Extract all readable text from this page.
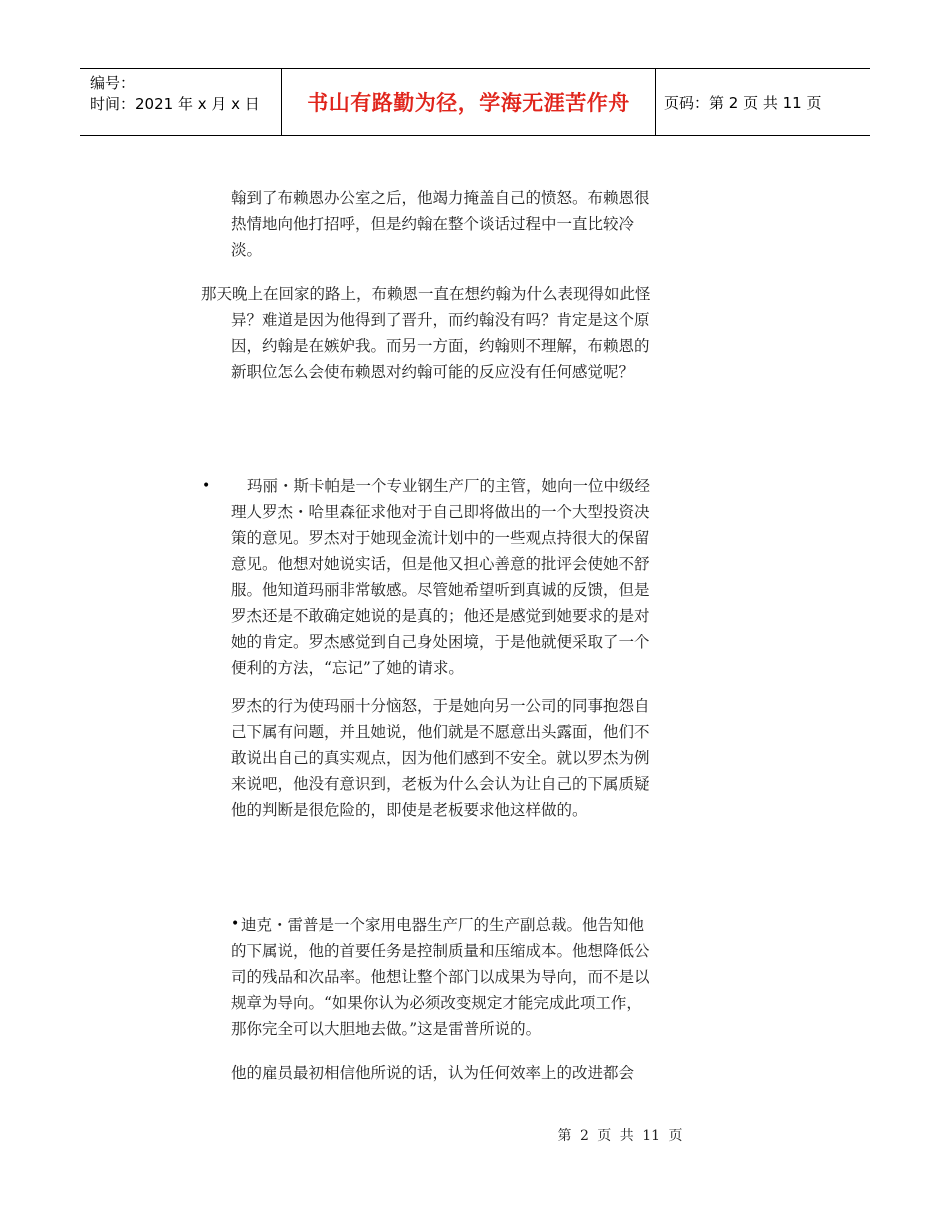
编号：
时间：2021 年 x 月 x 日	书山有路勤为径，学海无涯苦作舟	页码：第 2 页 共 11 页
翰到了布赖恩办公室之后，他竭力掩盖自己的愤怒。布赖恩很热情地向他打招呼，但是约翰在整个谈话过程中一直比较冷淡。
那天晚上在回家的路上，布赖恩一直在想约翰为什么表现得如此怪异？难道是因为他得到了晋升，而约翰没有吗？肯定是这个原因，约翰是在嫉妒我。而另一方面，约翰则不理解，布赖恩的新职位怎么会使布赖恩对约翰可能的反应没有任何感觉呢？
•	玛丽・斯卡帕是一个专业钢生产厂的主管，她向一位中级经理人罗杰・哈里森征求他对于自己即将做出的一个大型投资决策的意见。罗杰对于她现金流计划中的一些观点持很大的保留意见。他想对她说实话，但是他又担心善意的批评会使她不舒服。他知道玛丽非常敏感。尽管她希望听到真诚的反馈，但是罗杰还是不敢确定她说的是真的；他还是感觉到她要求的是对她的肯定。罗杰感觉到自己身处困境，于是他就便采取了一个便利的方法，“忘记”了她的请求。
罗杰的行为使玛丽十分恼怒，于是她向另一公司的同事抱怨自己下属有问题，并且她说，他们就是不愿意出头露面，他们不敢说出自己的真实观点，因为他们感到不安全。就以罗杰为例来说吧，他没有意识到，老板为什么会认为让自己的下属质疑他的判断是很危险的，即使是老板要求他这样做的。
• 迪克・雷普是一个家用电器生产厂的生产副总裁。他告知他的下属说，他的首要任务是控制质量和压缩成本。他想降低公司的残品和次品率。他想让整个部门以成果为导向，而不是以规章为导向。“如果你认为必须改变规定才能完成此项工作，那你完全可以大胆地去做。”这是雷普所说的。
他的雇员最初相信他所说的话，认为任何效率上的改进都会
第 2 页 共 11 页
